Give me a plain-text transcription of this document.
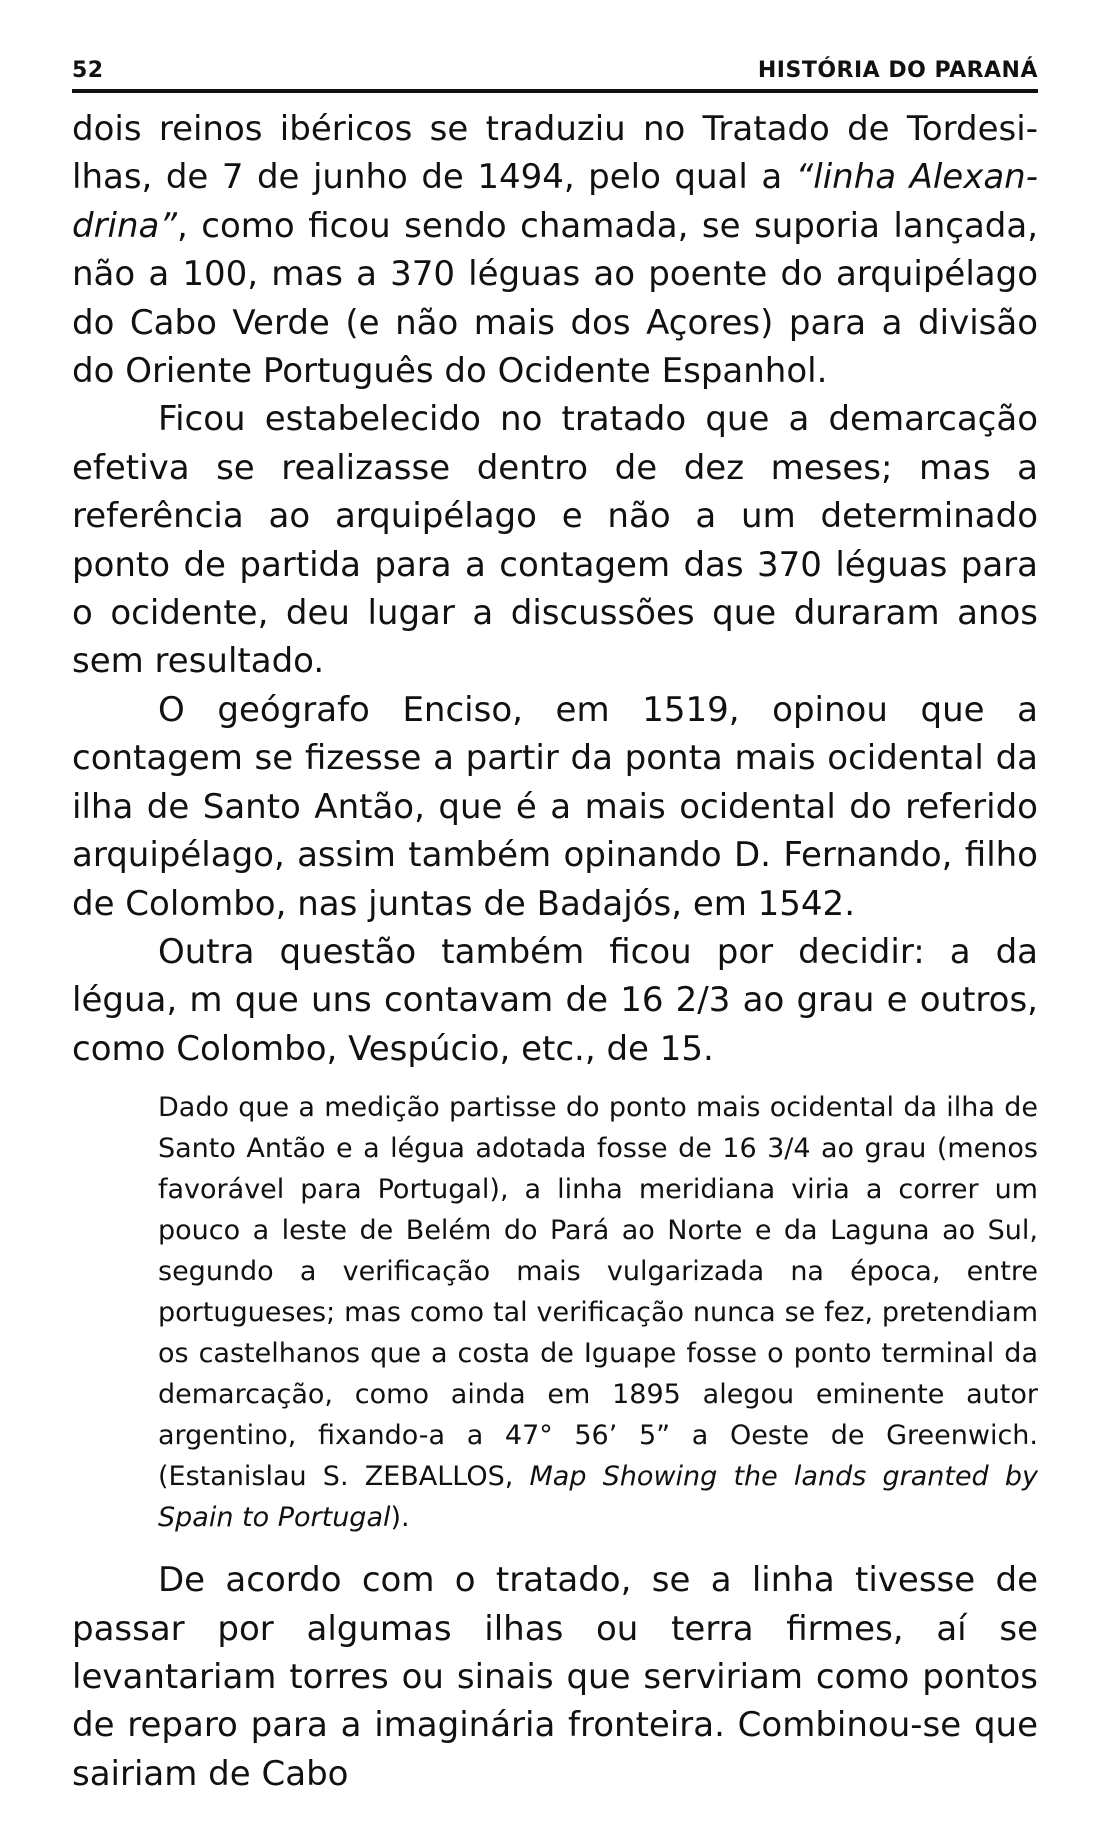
52	HISTÓRIA DO PARANÁ

dois reinos ibéricos se traduziu no Tratado de Tordesilhas, de 7 de junho de 1494, pelo qual a “linha Alexandrina”, como ficou sendo chamada, se suporia lançada, não a 100, mas a 370 léguas ao poente do arquipélago do Cabo Verde (e não mais dos Açores) para a divisão do Oriente Português do Ocidente Espanhol.

Ficou estabelecido no tratado que a demarcação efetiva se realizasse dentro de dez meses; mas a referência ao arquipélago e não a um determinado ponto de partida para a contagem das 370 léguas para o ocidente, deu lugar a discussões que duraram anos sem resultado.

O geógrafo Enciso, em 1519, opinou que a contagem se fizesse a partir da ponta mais ocidental da ilha de Santo Antão, que é a mais ocidental do referido arquipélago, assim também opinando D. Fernando, filho de Colombo, nas juntas de Badajós, em 1542.

Outra questão também ficou por decidir: a da légua, m que uns contavam de 16 2/3 ao grau e outros, como Colombo, Vespúcio, etc., de 15.

Dado que a medição partisse do ponto mais ocidental da ilha de Santo Antão e a légua adotada fosse de 16 3/4 ao grau (menos favorável para Portugal), a linha meridiana viria a correr um pouco a leste de Belém do Pará ao Norte e da Laguna ao Sul, segundo a verificação mais vulgarizada na época, entre portugueses; mas como tal verificação nunca se fez, pretendiam os castelhanos que a costa de Iguape fosse o ponto terminal da demarcação, como ainda em 1895 alegou eminente autor argentino, fixando-a a 47° 56’ 5” a Oeste de Greenwich. (Estanislau S. ZEBALLOS, Map Showing the lands granted by Spain to Portugal).

De acordo com o tratado, se a linha tivesse de passar por algumas ilhas ou terra firmes, aí se levantariam torres ou sinais que serviriam como pontos de reparo para a imaginária fronteira. Combinou-se que sairiam de Cabo
